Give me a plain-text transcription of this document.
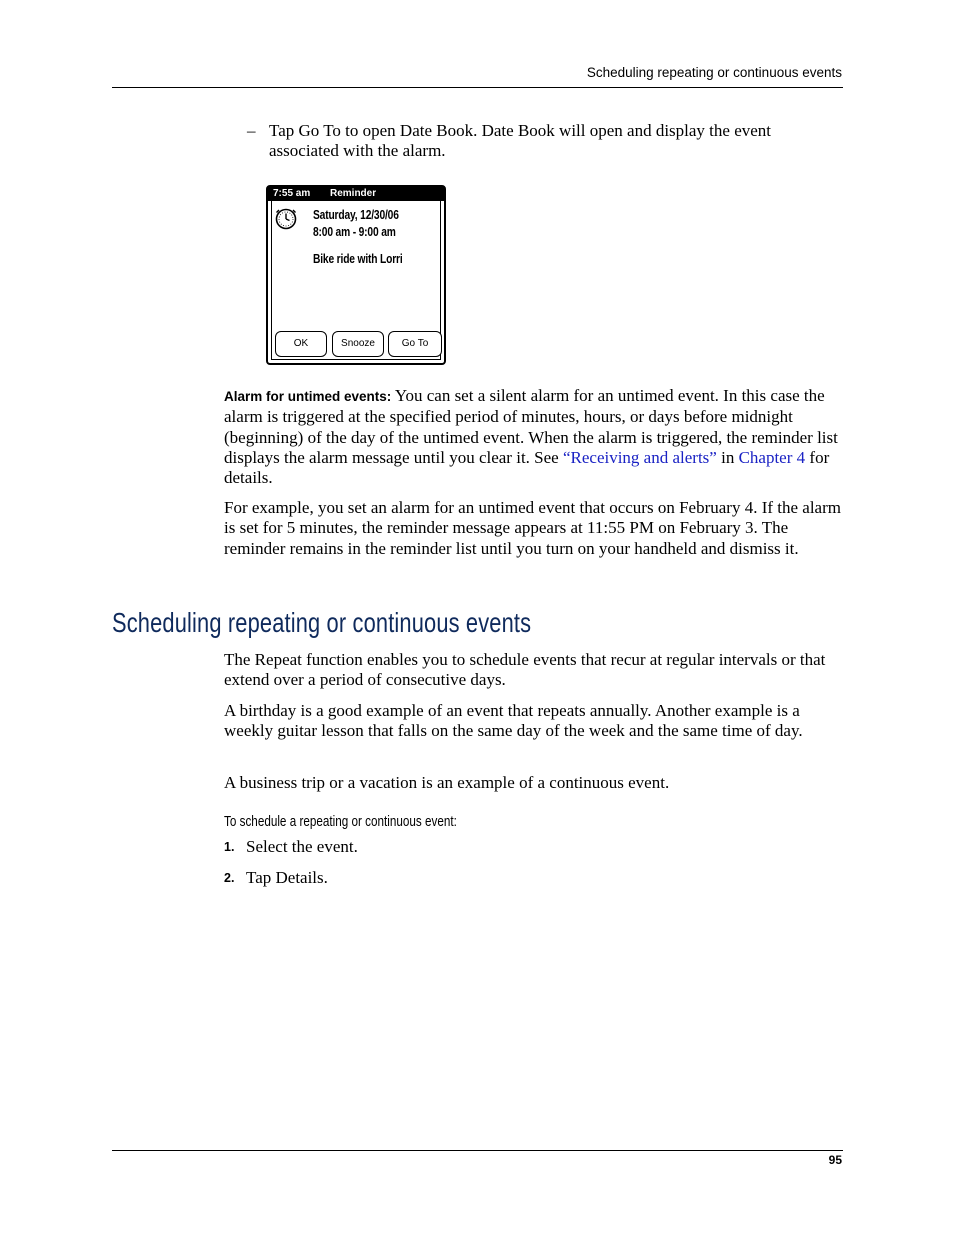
Scheduling repeating or continuous events
– Tap Go To to open Date Book. Date Book will open and display the event associated with the alarm.
7:55 am Reminder
Saturday, 12/30/06
8:00 am - 9:00 am
Bike ride with Lorri
OK	Snooze	Go To

Alarm for untimed events: You can set a silent alarm for an untimed event. In this case the alarm is triggered at the specified period of minutes, hours, or days before midnight (beginning) of the day of the untimed event. When the alarm is triggered, the reminder list displays the alarm message until you clear it. See “Receiving and alerts” in Chapter 4 for details.

For example, you set an alarm for an untimed event that occurs on February 4. If the alarm is set for 5 minutes, the reminder message appears at 11:55 PM on February 3. The reminder remains in the reminder list until you turn on your handheld and dismiss it.
Scheduling repeating or continuous events
The Repeat function enables you to schedule events that recur at regular intervals or that extend over a period of consecutive days.
A birthday is a good example of an event that repeats annually. Another example is a weekly guitar lesson that falls on the same day of the week and the same time of day.
A business trip or a vacation is an example of a continuous event.
To schedule a repeating or continuous event:
1. Select the event.
2. Tap Details.
95
